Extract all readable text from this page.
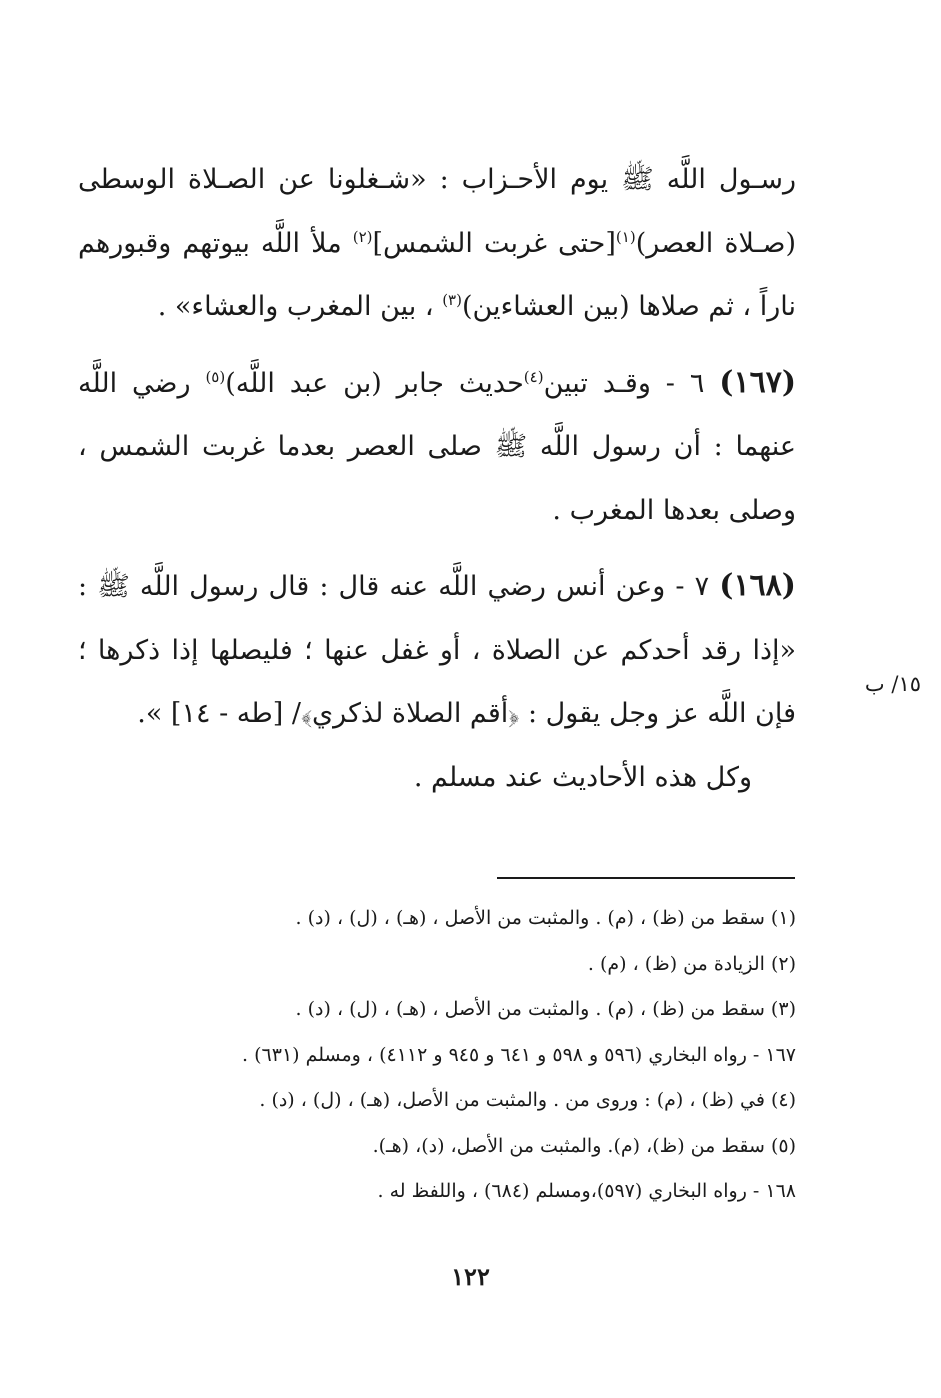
رسـول اللَّه ﷺ يوم الأحـزاب : «شـغلونا عن الصـلاة الوسطى (صـلاة العصر)$^{(١)}$[حتى غربت الشمس]$^{(٢)}$ ملأ اللَّه بيوتهم وقبورهم ناراً ، ثم صلاها (بين العشاءين)$^{(٣)}$ ، بين المغرب والعشاء» .

(١٦٧) ٦ - وقـد تبين$^{(٤)}$حديث جابر (بن عبد اللَّه)$^{(٥)}$ رضي اللَّه عنهما : أن رسول اللَّه ﷺ صلى العصر بعدما غربت الشمس ، وصلى بعدها المغرب .

(١٦٨) ٧ - وعن أنس رضي اللَّه عنه قال : قال رسول اللَّه ﷺ : «إذا رقد أحدكم عن الصلاة ، أو غفل عنها ؛ فليصلها إذا ذكرها ؛ فإن اللَّه عز وجل يقول : ﴿أقم الصلاة لذكري﴾/ [طه - ١٤] ».

وكل هذه الأحاديث عند مسلم .

١٥/ ب

(١) سقط من (ظ) ، (م) . والمثبت من الأصل ، (هـ) ، (ل) ، (د) .

(٢) الزيادة من (ظ) ، (م) .

(٣) سقط من (ظ) ، (م) . والمثبت من الأصل ، (هـ) ، (ل) ، (د) .

١٦٧ - رواه البخاري (٥٩٦ و ٥٩٨ و ٦٤١ و ٩٤٥ و ٤١١٢) ، ومسلم (٦٣١) .

(٤) في (ظ) ، (م) : وروى من . والمثبت من الأصل، (هـ) ، (ل) ، (د) .

(٥) سقط من (ظ)، (م). والمثبت من الأصل، (د)، (هـ).

١٦٨ - رواه البخاري (٥٩٧)،ومسلم (٦٨٤) ، واللفظ له .

١٢٢
